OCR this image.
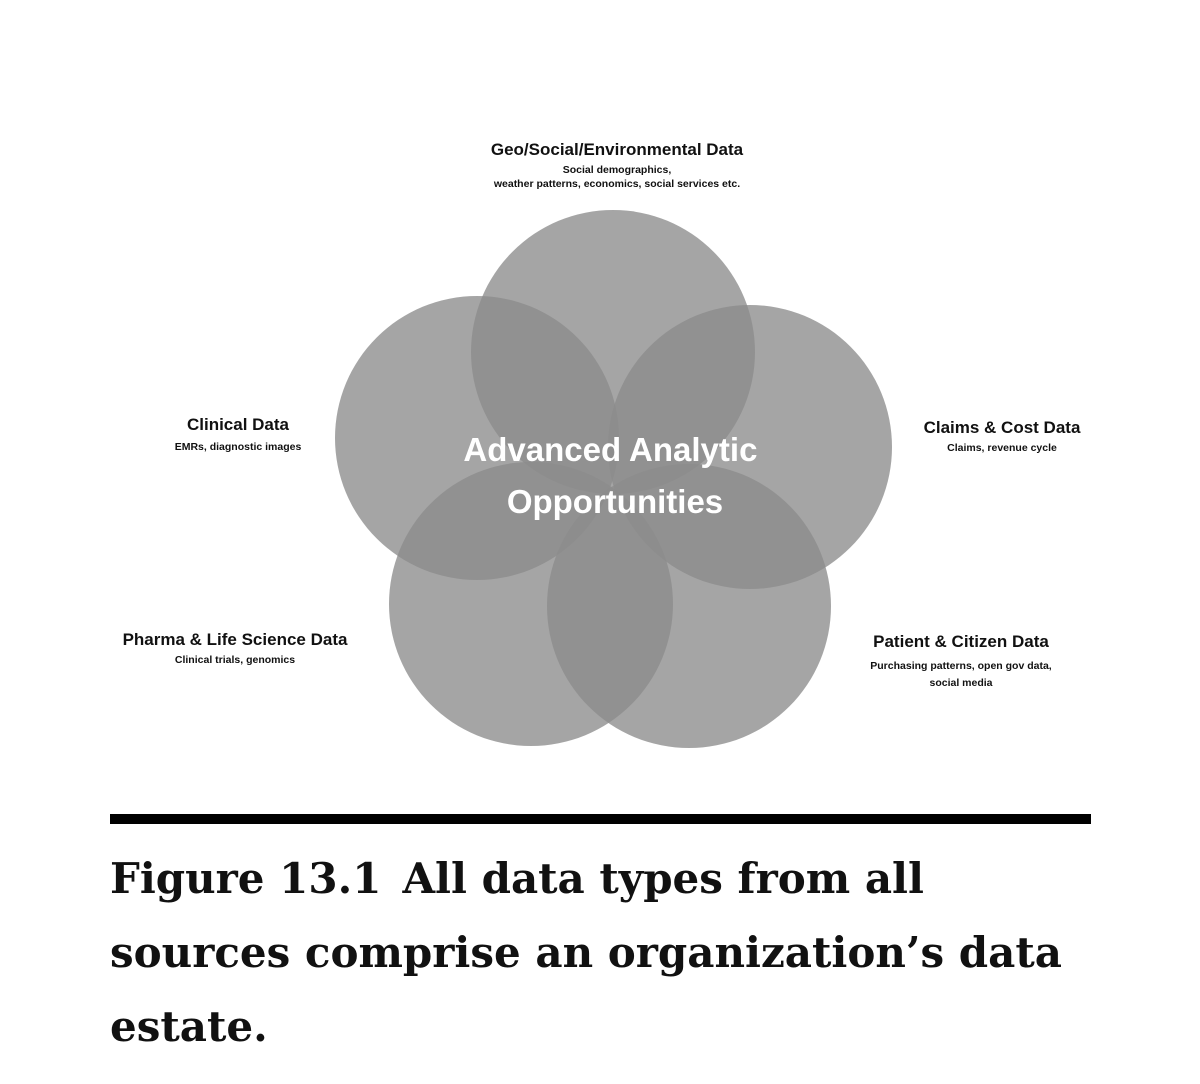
Advanced Analytic Opportunities
Geo/Social/Environmental Data
Social demographics,
weather patterns, economics, social services etc.
Clinical Data
EMRs, diagnostic images
Claims & Cost Data
Claims, revenue cycle
Pharma & Life Science Data
Clinical trials, genomics
Patient & Citizen Data
Purchasing patterns, open gov data,
social media

Figure 13.1 All data types from all sources comprise an organization’s data estate.
